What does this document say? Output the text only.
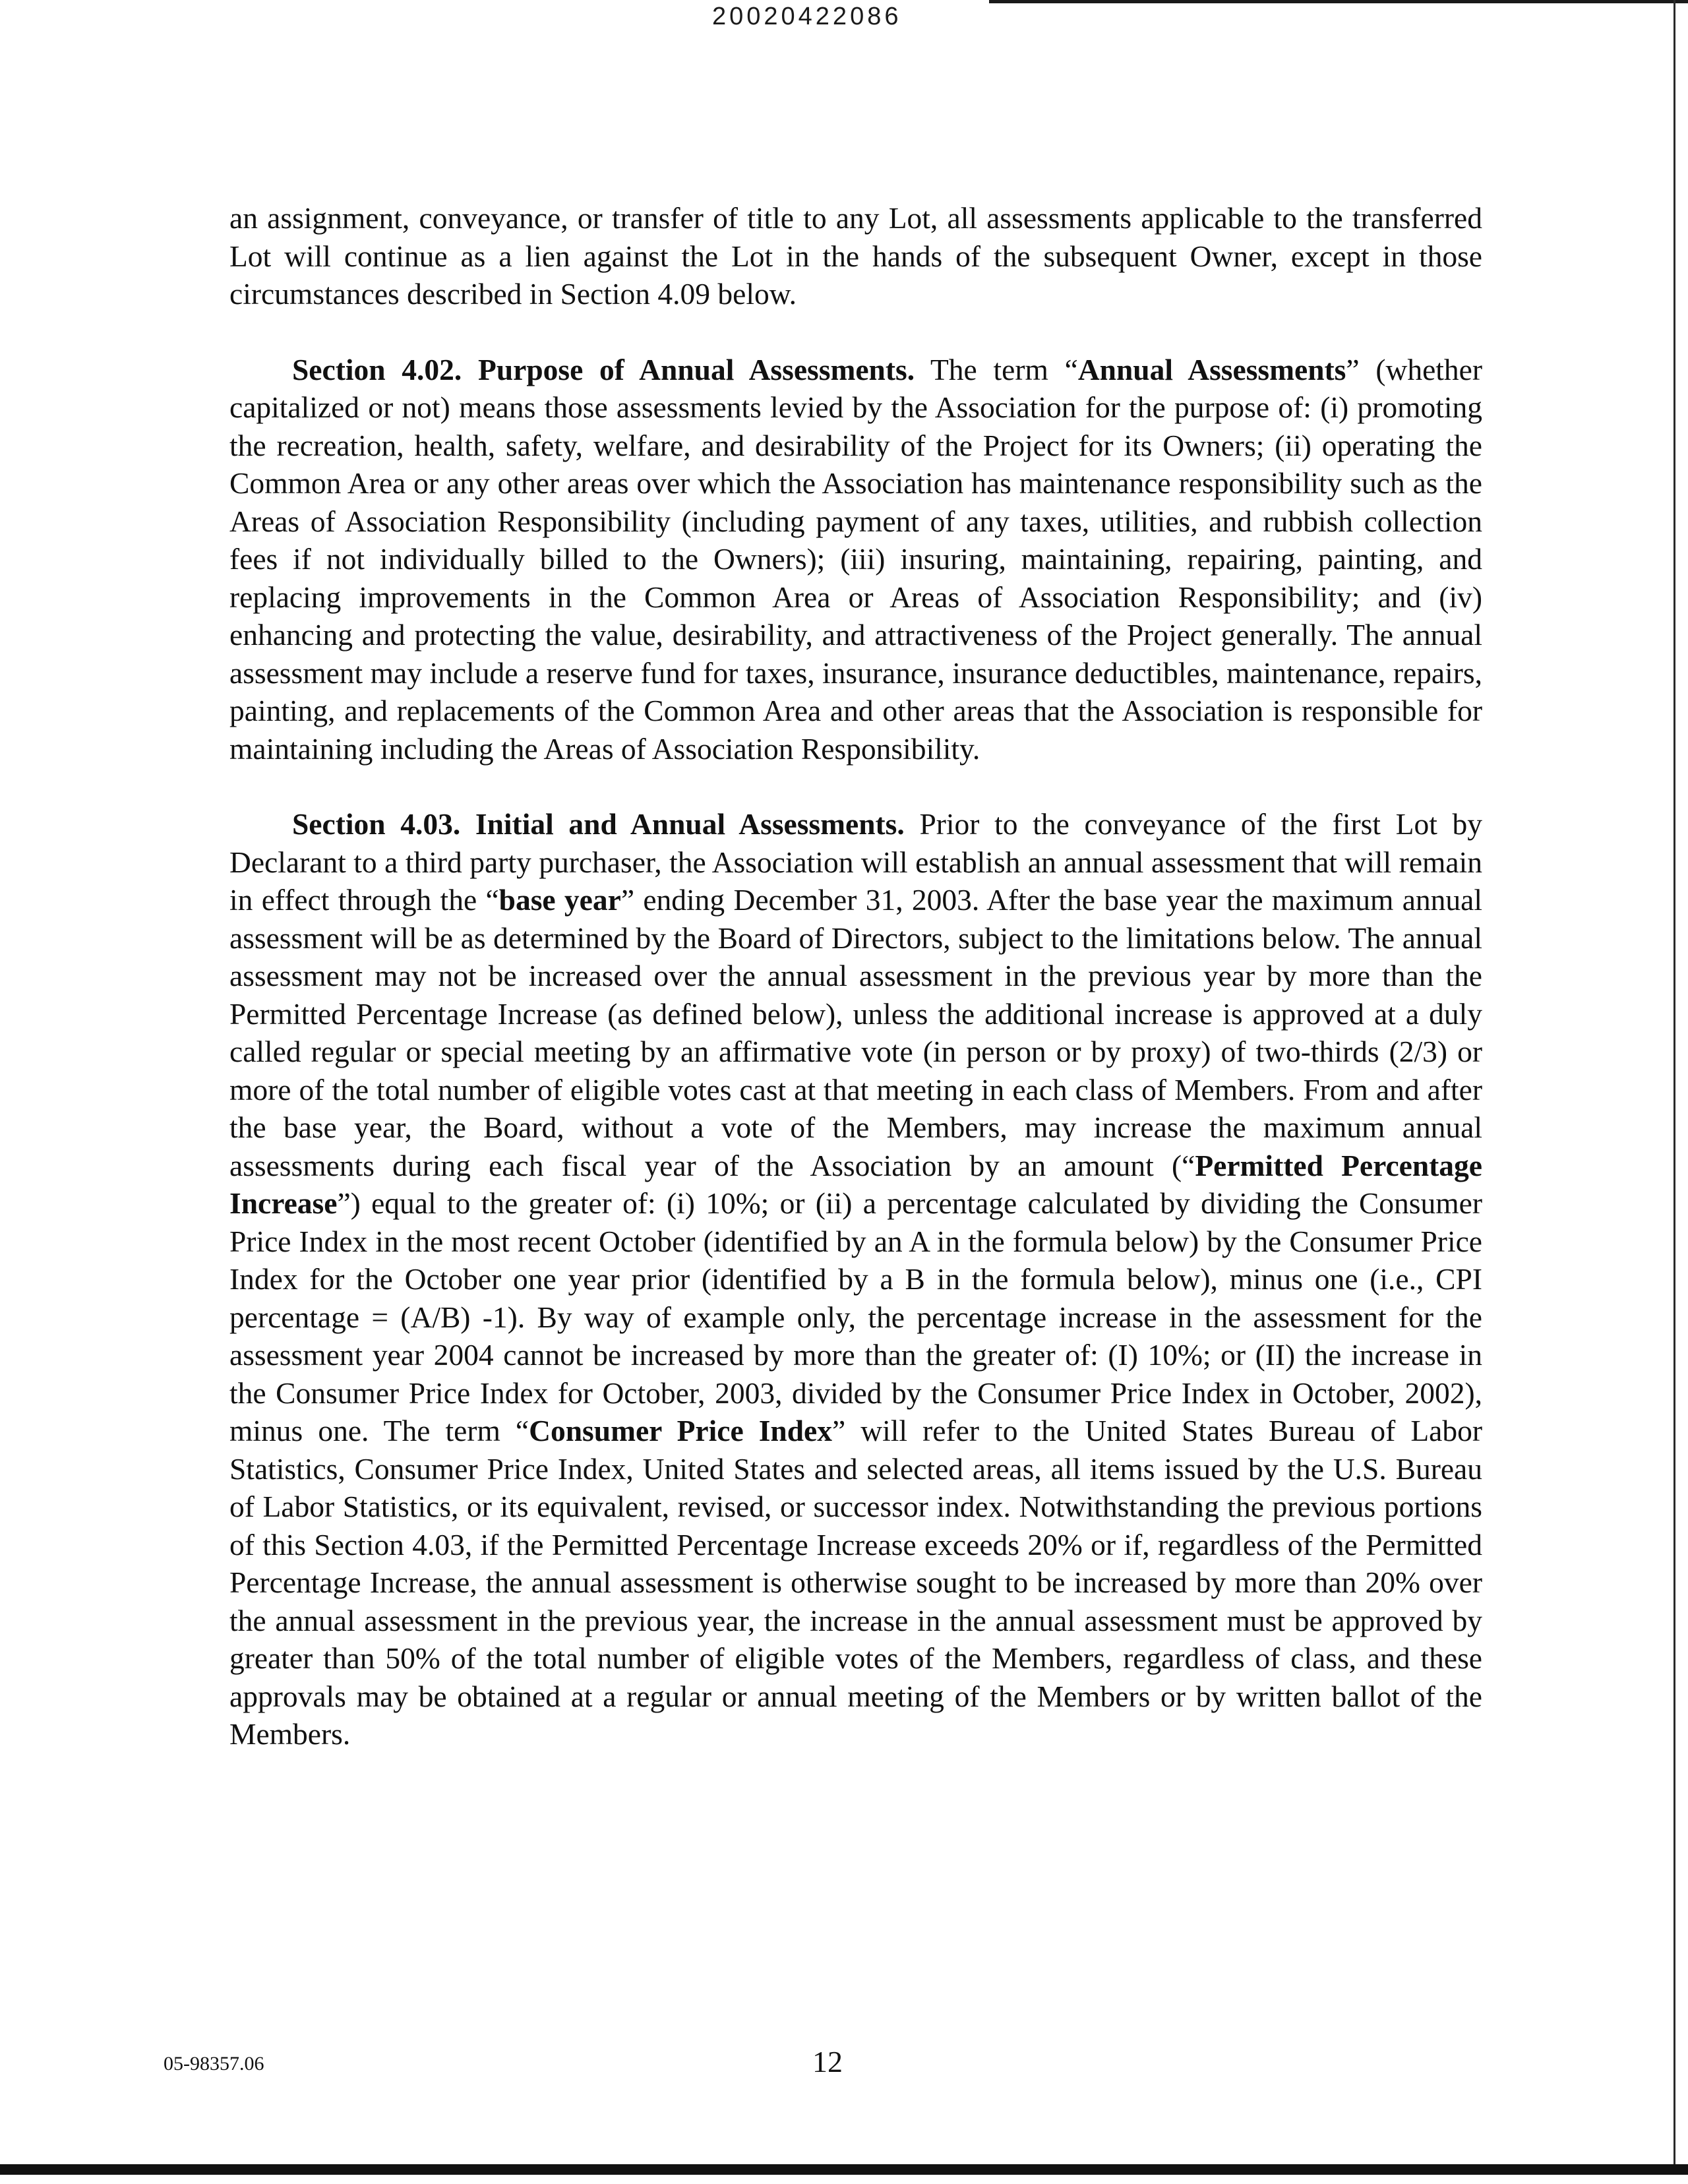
20020422086

an assignment, conveyance, or transfer of title to any Lot, all assessments applicable to the transferred Lot will continue as a lien against the Lot in the hands of the subsequent Owner, except in those circumstances described in Section 4.09 below.

Section 4.02. Purpose of Annual Assessments. The term “Annual Assessments” (whether capitalized or not) means those assessments levied by the Association for the purpose of: (i) promoting the recreation, health, safety, welfare, and desirability of the Project for its Owners; (ii) operating the Common Area or any other areas over which the Association has maintenance responsibility such as the Areas of Association Responsibility (including payment of any taxes, utilities, and rubbish collection fees if not individually billed to the Owners); (iii) insuring, maintaining, repairing, painting, and replacing improvements in the Common Area or Areas of Association Responsibility; and (iv) enhancing and protecting the value, desirability, and attractiveness of the Project generally. The annual assessment may include a reserve fund for taxes, insurance, insurance deductibles, maintenance, repairs, painting, and replacements of the Common Area and other areas that the Association is responsible for maintaining including the Areas of Association Responsibility.

Section 4.03. Initial and Annual Assessments. Prior to the conveyance of the first Lot by Declarant to a third party purchaser, the Association will establish an annual assessment that will remain in effect through the “base year” ending December 31, 2003. After the base year the maximum annual assessment will be as determined by the Board of Directors, subject to the limitations below. The annual assessment may not be increased over the annual assessment in the previous year by more than the Permitted Percentage Increase (as defined below), unless the additional increase is approved at a duly called regular or special meeting by an affirmative vote (in person or by proxy) of two-thirds (2/3) or more of the total number of eligible votes cast at that meeting in each class of Members. From and after the base year, the Board, without a vote of the Members, may increase the maximum annual assessments during each fiscal year of the Association by an amount (“Permitted Percentage Increase”) equal to the greater of: (i) 10%; or (ii) a percentage calculated by dividing the Consumer Price Index in the most recent October (identified by an A in the formula below) by the Consumer Price Index for the October one year prior (identified by a B in the formula below), minus one (i.e., CPI percentage = (A/B) -1). By way of example only, the percentage increase in the assessment for the assessment year 2004 cannot be increased by more than the greater of: (I) 10%; or (II) the increase in the Consumer Price Index for October, 2003, divided by the Consumer Price Index in October, 2002), minus one. The term “Consumer Price Index” will refer to the United States Bureau of Labor Statistics, Consumer Price Index, United States and selected areas, all items issued by the U.S. Bureau of Labor Statistics, or its equivalent, revised, or successor index. Notwithstanding the previous portions of this Section 4.03, if the Permitted Percentage Increase exceeds 20% or if, regardless of the Permitted Percentage Increase, the annual assessment is otherwise sought to be increased by more than 20% over the annual assessment in the previous year, the increase in the annual assessment must be approved by greater than 50% of the total number of eligible votes of the Members, regardless of class, and these approvals may be obtained at a regular or annual meeting of the Members or by written ballot of the Members.

05-98357.06	12
